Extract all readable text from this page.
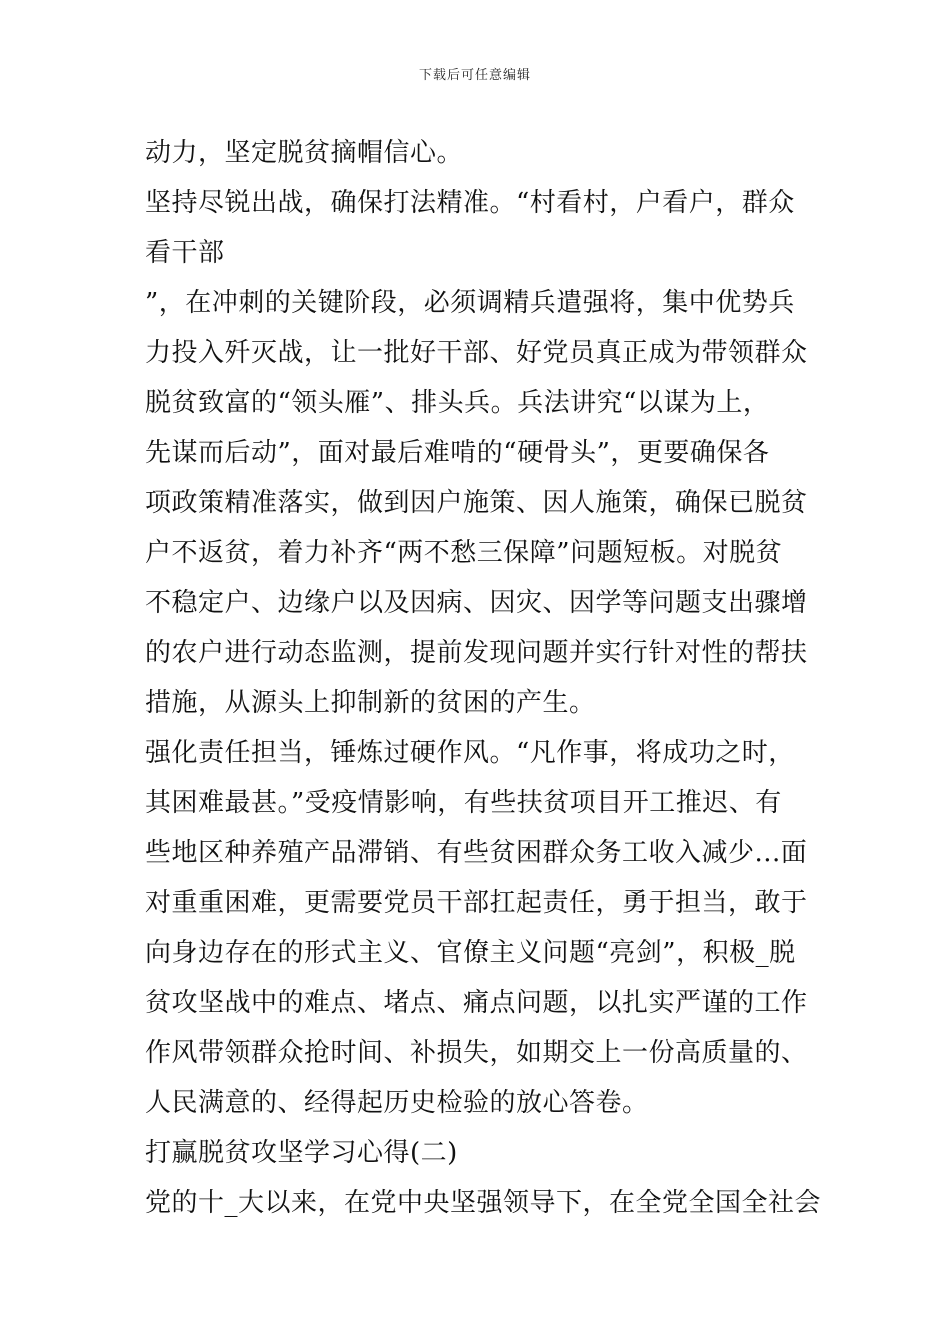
下载后可任意编辑
动力，坚定脱贫摘帽信心。
坚持尽锐出战，确保打法精准。“村看村，户看户，群众
看干部
”，在冲刺的关键阶段，必须调精兵遣强将，集中优势兵
力投入歼灭战，让一批好干部、好党员真正成为带领群众
脱贫致富的“领头雁”、排头兵。兵法讲究“以谋为上，
先谋而后动”，面对最后难啃的“硬骨头”，更要确保各
项政策精准落实，做到因户施策、因人施策，确保已脱贫
户不返贫，着力补齐“两不愁三保障”问题短板。对脱贫
不稳定户、边缘户以及因病、因灾、因学等问题支出骤增
的农户进行动态监测，提前发现问题并实行针对性的帮扶
措施，从源头上抑制新的贫困的产生。
强化责任担当，锤炼过硬作风。“凡作事，将成功之时，
其困难最甚。”受疫情影响，有些扶贫项目开工推迟、有
些地区种养殖产品滞销、有些贫困群众务工收入减少...面
对重重困难，更需要党员干部扛起责任，勇于担当，敢于
向身边存在的形式主义、官僚主义问题“亮剑”，积极_脱
贫攻坚战中的难点、堵点、痛点问题，以扎实严谨的工作
作风带领群众抢时间、补损失，如期交上一份高质量的、
人民满意的、经得起历史检验的放心答卷。
打赢脱贫攻坚学习心得(二)
党的十_大以来，在党中央坚强领导下，在全党全国全社会
